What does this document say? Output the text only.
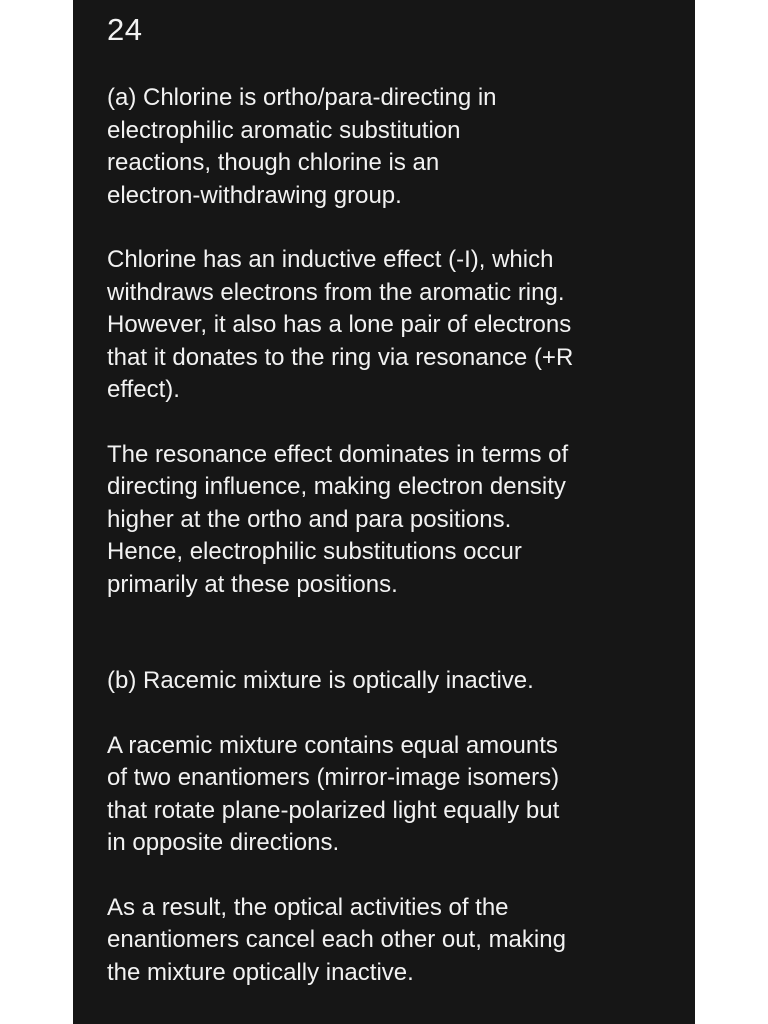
24

(a) Chlorine is ortho/para-directing in
electrophilic aromatic substitution
reactions, though chlorine is an
electron-withdrawing group.

Chlorine has an inductive effect (-I), which
withdraws electrons from the aromatic ring.
However, it also has a lone pair of electrons
that it donates to the ring via resonance (+R
effect).

The resonance effect dominates in terms of
directing influence, making electron density
higher at the ortho and para positions.
Hence, electrophilic substitutions occur
primarily at these positions.

(b) Racemic mixture is optically inactive.

A racemic mixture contains equal amounts
of two enantiomers (mirror-image isomers)
that rotate plane-polarized light equally but
in opposite directions.

As a result, the optical activities of the
enantiomers cancel each other out, making
the mixture optically inactive.
